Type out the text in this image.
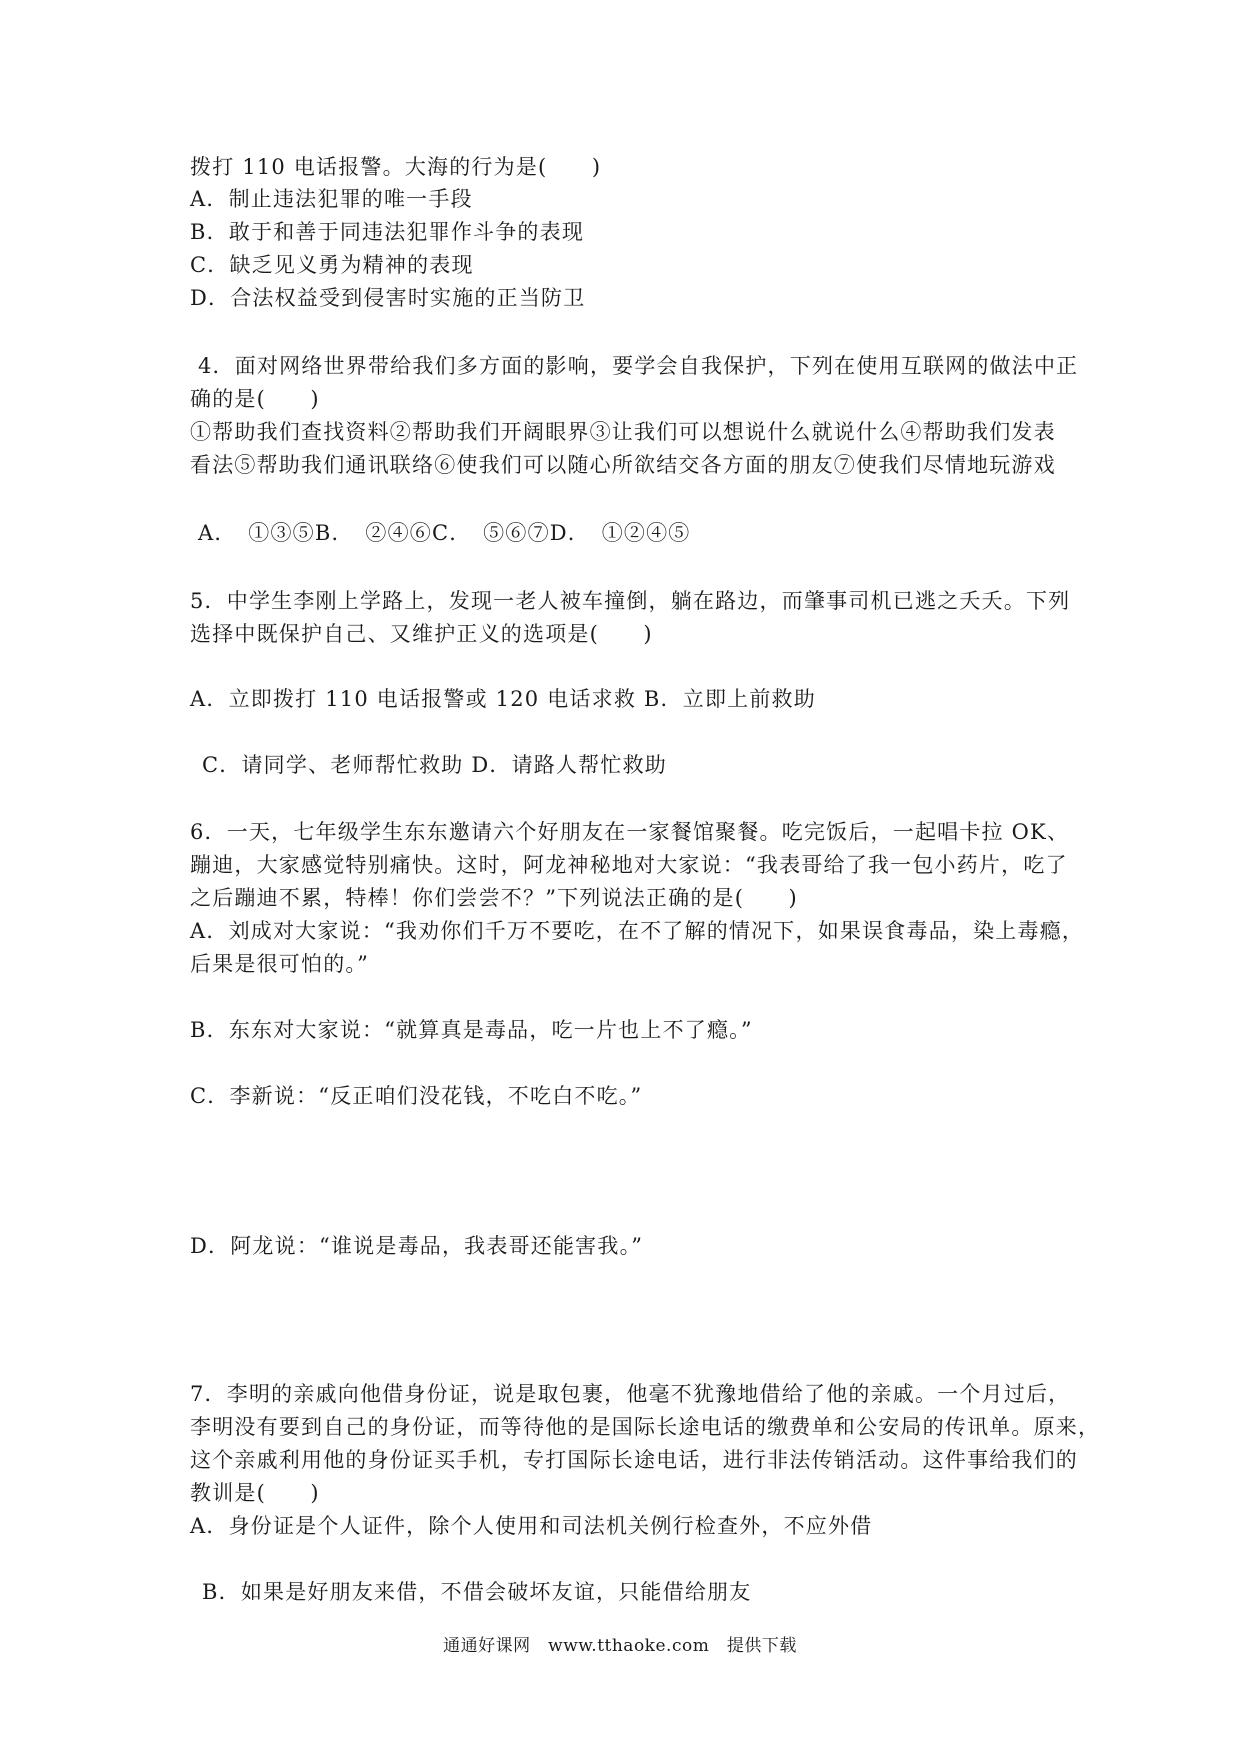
拨打 110 电话报警。大海的行为是(　　)
A．制止违法犯罪的唯一手段
B．敢于和善于同违法犯罪作斗争的表现
C．缺乏见义勇为精神的表现
D．合法权益受到侵害时实施的正当防卫
4．面对网络世界带给我们多方面的影响，要学会自我保护，下列在使用互联网的做法中正
确的是(　　)
①帮助我们查找资料②帮助我们开阔眼界③让我们可以想说什么就说什么④帮助我们发表
看法⑤帮助我们通讯联络⑥使我们可以随心所欲结交各方面的朋友⑦使我们尽情地玩游戏
A．　①③⑤B．　②④⑥C．　⑤⑥⑦D．　①②④⑤
5．中学生李刚上学路上，发现一老人被车撞倒，躺在路边，而肇事司机已逃之夭夭。下列
选择中既保护自己、又维护正义的选项是(　　)
A．立即拨打 110 电话报警或 120 电话求救 B．立即上前救助
C．请同学、老师帮忙救助 D．请路人帮忙救助
6．一天，七年级学生东东邀请六个好朋友在一家餐馆聚餐。吃完饭后，一起唱卡拉 OK、
蹦迪，大家感觉特别痛快。这时，阿龙神秘地对大家说：“我表哥给了我一包小药片，吃了
之后蹦迪不累，特棒！你们尝尝不？”下列说法正确的是(　　)
A．刘成对大家说：“我劝你们千万不要吃，在不了解的情况下，如果误食毒品，染上毒瘾，
后果是很可怕的。”
B．东东对大家说：“就算真是毒品，吃一片也上不了瘾。”
C．李新说：“反正咱们没花钱，不吃白不吃。”
D．阿龙说：“谁说是毒品，我表哥还能害我。”
7．李明的亲戚向他借身份证，说是取包裹，他毫不犹豫地借给了他的亲戚。一个月过后，
李明没有要到自己的身份证，而等待他的是国际长途电话的缴费单和公安局的传讯单。原来，
这个亲戚利用他的身份证买手机，专打国际长途电话，进行非法传销活动。这件事给我们的
教训是(　　)
A．身份证是个人证件，除个人使用和司法机关例行检查外，不应外借
B．如果是好朋友来借，不借会破坏友谊，只能借给朋友
通通好课网　www.tthaoke.com　提供下载
